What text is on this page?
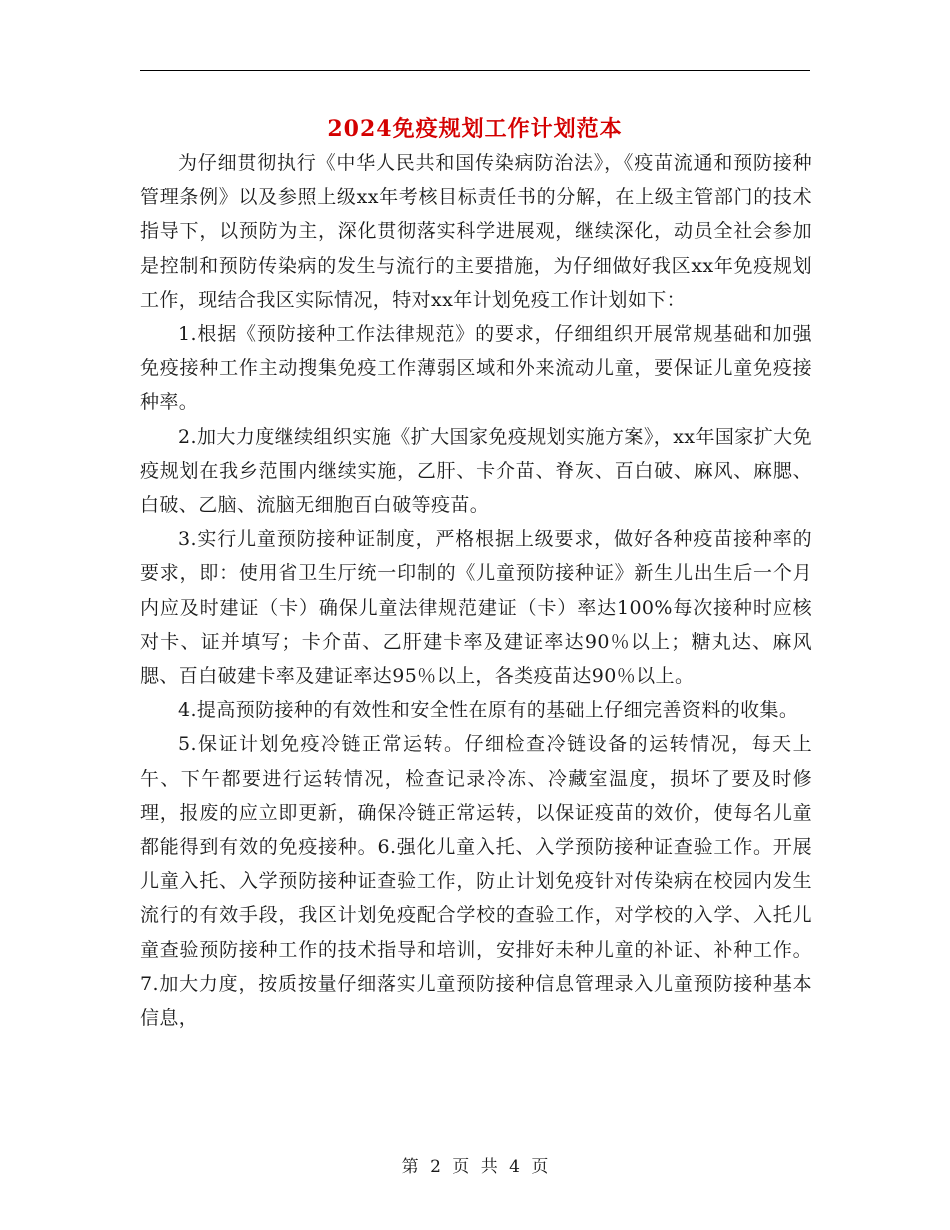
2024免疫规划工作计划范本

为仔细贯彻执行《中华人民共和国传染病防治法》，《疫苗流通和预防接种管理条例》以及参照上级xx年考核目标责任书的分解，在上级主管部门的技术指导下，以预防为主，深化贯彻落实科学进展观，继续深化，动员全社会参加是控制和预防传染病的发生与流行的主要措施，为仔细做好我区xx年免疫规划工作，现结合我区实际情况，特对xx年计划免疫工作计划如下：

1.根据《预防接种工作法律规范》的要求，仔细组织开展常规基础和加强免疫接种工作主动搜集免疫工作薄弱区域和外来流动儿童，要保证儿童免疫接种率。

2.加大力度继续组织实施《扩大国家免疫规划实施方案》，xx年国家扩大免疫规划在我乡范围内继续实施，乙肝、卡介苗、脊灰、百白破、麻风、麻腮、白破、乙脑、流脑无细胞百白破等疫苗。

3.实行儿童预防接种证制度，严格根据上级要求，做好各种疫苗接种率的要求，即：使用省卫生厅统一印制的《儿童预防接种证》新生儿出生后一个月内应及时建证（卡）确保儿童法律规范建证（卡）率达100%每次接种时应核对卡、证并填写；卡介苗、乙肝建卡率及建证率达90％以上；糖丸达、麻风腮、百白破建卡率及建证率达95％以上，各类疫苗达90％以上。

4.提高预防接种的有效性和安全性在原有的基础上仔细完善资料的收集。

5.保证计划免疫冷链正常运转。仔细检查冷链设备的运转情况，每天上午、下午都要进行运转情况，检查记录冷冻、冷藏室温度，损坏了要及时修理，报废的应立即更新，确保冷链正常运转，以保证疫苗的效价，使每名儿童都能得到有效的免疫接种。6.强化儿童入托、入学预防接种证查验工作。开展儿童入托、入学预防接种证查验工作，防止计划免疫针对传染病在校园内发生流行的有效手段，我区计划免疫配合学校的查验工作，对学校的入学、入托儿童查验预防接种工作的技术指导和培训，安排好未种儿童的补证、补种工作。7.加大力度，按质按量仔细落实儿童预防接种信息管理录入儿童预防接种基本信息，

第 2 页 共 4 页
